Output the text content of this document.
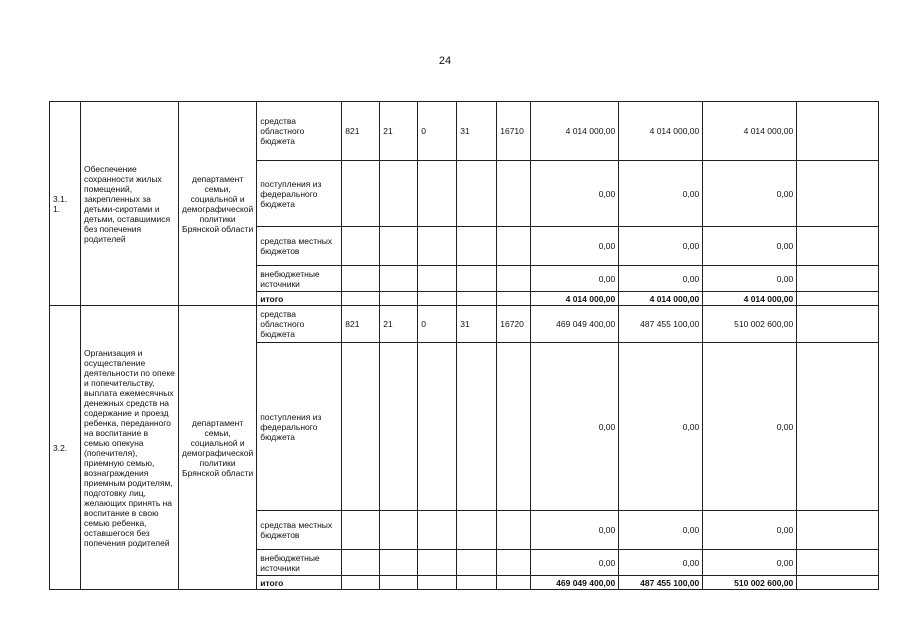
24
3.1.
1.	Обеспечение сохранности жилых помещений, закрепленных за детьми-сиротами и детьми, оставшимися без попечения родителей	департамент семьи, социальной и демографической политики Брянской области	средства областного бюджета	821	21	0	31	16710	4 014 000,00	4 014 000,00	4 014 000,00	
			поступления из федерального бюджета						0,00	0,00	0,00	
			средства местных бюджетов						0,00	0,00	0,00	
			внебюджетные источники						0,00	0,00	0,00	
			итого						4 014 000,00	4 014 000,00	4 014 000,00	
3.2.	Организация и осуществление деятельности по опеке и попечительству, выплата ежемесячных денежных средств на содержание и проезд ребенка, переданного на воспитание в семью опекуна (попечителя), приемную семью, вознаграждения приемным родителям, подготовку лиц, желающих принять на воспитание в свою семью ребенка, оставшегося без попечения родителей	департамент семьи, социальной и демографической политики Брянской области	средства областного бюджета	821	21	0	31	16720	469 049 400,00	487 455 100,00	510 002 600,00	
			поступления из федерального бюджета						0,00	0,00	0,00	
			средства местных бюджетов						0,00	0,00	0,00	
			внебюджетные источники						0,00	0,00	0,00	
			итого						469 049 400,00	487 455 100,00	510 002 600,00	
